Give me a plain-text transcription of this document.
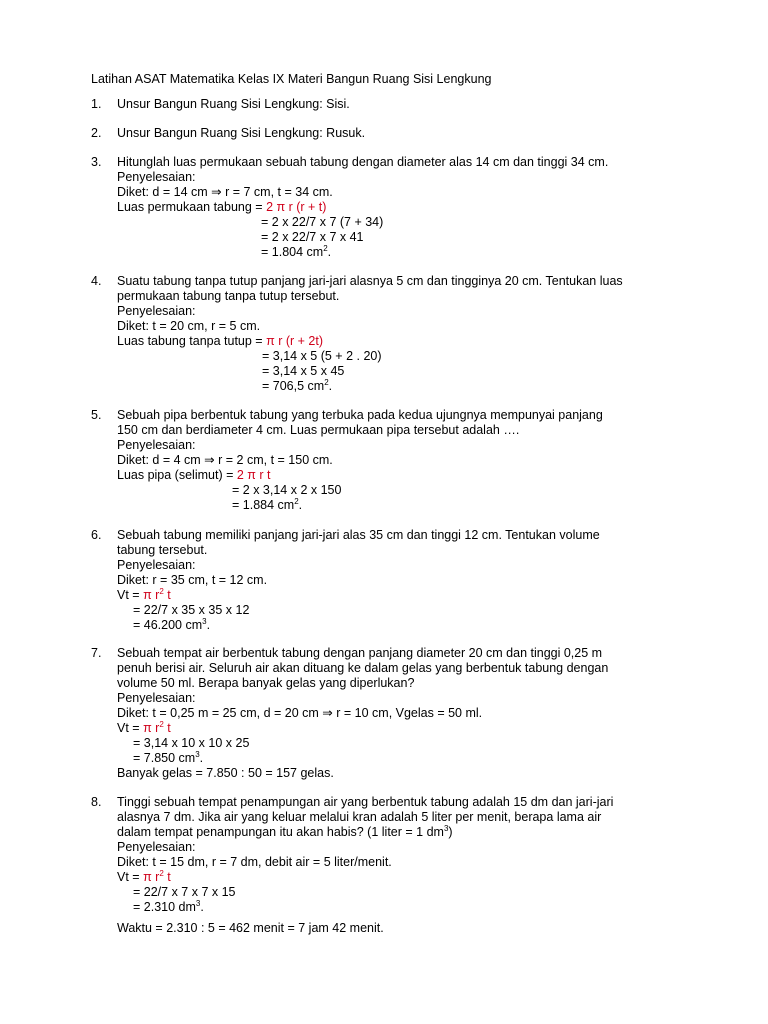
Latihan ASAT Matematika Kelas IX Materi Bangun Ruang Sisi Lengkung
1. Unsur Bangun Ruang Sisi Lengkung: Sisi.
2. Unsur Bangun Ruang Sisi Lengkung: Rusuk.
3. Hitunglah luas permukaan sebuah tabung dengan diameter alas 14 cm dan tinggi 34 cm.
Penyelesaian:
Diket: d = 14 cm ⇒ r = 7 cm, t = 34 cm.
Luas permukaan tabung = 2 π r (r + t)
= 2 x 22/7 x 7 (7 + 34)
= 2 x 22/7 x 7 x 41
= 1.804 $cm^2$.
4. Suatu tabung tanpa tutup panjang jari-jari alasnya 5 cm dan tingginya 20 cm. Tentukan luas
permukaan tabung tanpa tutup tersebut.
Penyelesaian:
Diket: t = 20 cm, r = 5 cm.
Luas tabung tanpa tutup = π r (r + 2t)
= 3,14 x 5 (5 + 2 . 20)
= 3,14 x 5 x 45
= 706,5 $cm^2$.
5. Sebuah pipa berbentuk tabung yang terbuka pada kedua ujungnya mempunyai panjang
150 cm dan berdiameter 4 cm. Luas permukaan pipa tersebut adalah ….
Penyelesaian:
Diket: d = 4 cm ⇒ r = 2 cm, t = 150 cm.
Luas pipa (selimut) = 2 π r t
= 2 x 3,14 x 2 x 150
= 1.884 $cm^2$.
6. Sebuah tabung memiliki panjang jari-jari alas 35 cm dan tinggi 12 cm. Tentukan volume
tabung tersebut.
Penyelesaian:
Diket: r = 35 cm, t = 12 cm.
Vt = π $r^2$ t
= 22/7 x 35 x 35 x 12
= 46.200 $cm^3$.
7. Sebuah tempat air berbentuk tabung dengan panjang diameter 20 cm dan tinggi 0,25 m
penuh berisi air. Seluruh air akan dituang ke dalam gelas yang berbentuk tabung dengan
volume 50 ml. Berapa banyak gelas yang diperlukan?
Penyelesaian:
Diket: t = 0,25 m = 25 cm, d = 20 cm ⇒ r = 10 cm, Vgelas = 50 ml.
Vt = π $r^2$ t
= 3,14 x 10 x 10 x 25
= 7.850 $cm^3$.
Banyak gelas = 7.850 : 50 = 157 gelas.
8. Tinggi sebuah tempat penampungan air yang berbentuk tabung adalah 15 dm dan jari-jari
alasnya 7 dm. Jika air yang keluar melalui kran adalah 5 liter per menit, berapa lama air
dalam tempat penampungan itu akan habis? (1 liter = 1 $dm^3$)
Penyelesaian:
Diket: t = 15 dm, r = 7 dm, debit air = 5 liter/menit.
Vt = π $r^2$ t
= 22/7 x 7 x 7 x 15
= 2.310 $dm^3$.
Waktu = 2.310 : 5 = 462 menit = 7 jam 42 menit.
